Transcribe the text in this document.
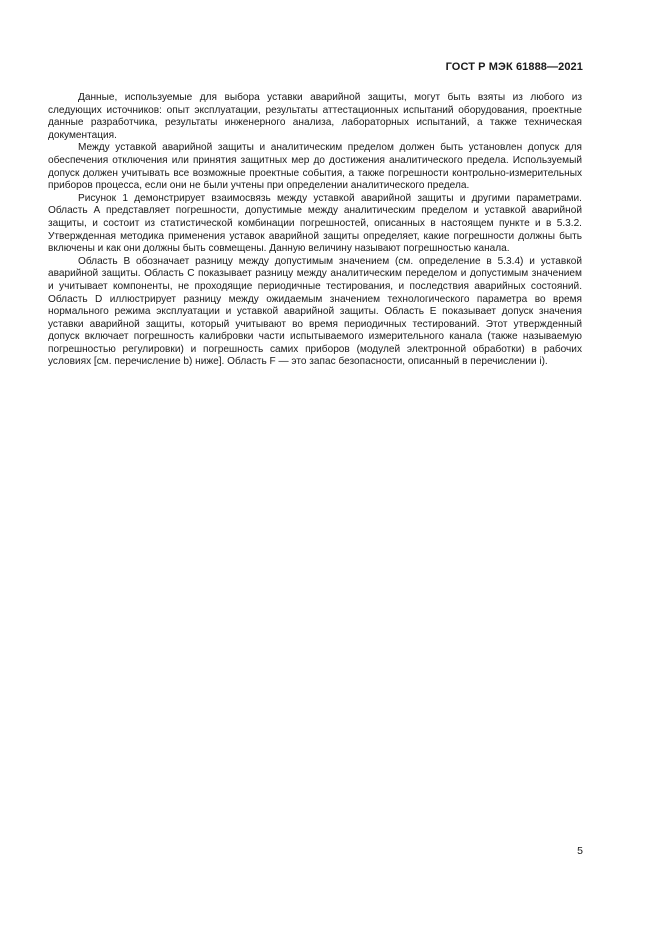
ГОСТ Р МЭК 61888—2021

Данные, используемые для выбора уставки аварийной защиты, могут быть взяты из любого из следующих источников: опыт эксплуатации, результаты аттестационных испытаний оборудования, проектные данные разработчика, результаты инженерного анализа, лабораторных испытаний, а также техническая документация.

Между уставкой аварийной защиты и аналитическим пределом должен быть установлен допуск для обеспечения отключения или принятия защитных мер до достижения аналитического предела. Используемый допуск должен учитывать все возможные проектные события, а также погрешности контрольно-измерительных приборов процесса, если они не были учтены при определении аналитического предела.

Рисунок 1 демонстрирует взаимосвязь между уставкой аварийной защиты и другими параметрами. Область А представляет погрешности, допустимые между аналитическим пределом и уставкой аварийной защиты, и состоит из статистической комбинации погрешностей, описанных в настоящем пункте и в 5.3.2. Утвержденная методика применения уставок аварийной защиты определяет, какие погрешности должны быть включены и как они должны быть совмещены. Данную величину называют погрешностью канала.

Область В обозначает разницу между допустимым значением (см. определение в 5.3.4) и уставкой аварийной защиты. Область С показывает разницу между аналитическим переделом и допустимым значением и учитывает компоненты, не проходящие периодичные тестирования, и последствия аварийных состояний. Область D иллюстрирует разницу между ожидаемым значением технологического параметра во время нормального режима эксплуатации и уставкой аварийной защиты. Область Е показывает допуск значения уставки аварийной защиты, который учитывают во время периодичных тестирований. Этот утвержденный допуск включает погрешность калибровки части испытываемого измерительного канала (также называемую погрешностью регулировки) и погрешность самих приборов (модулей электронной обработки) в рабочих условиях [см. перечисление b) ниже]. Область F — это запас безопасности, описанный в перечислении i).

5
